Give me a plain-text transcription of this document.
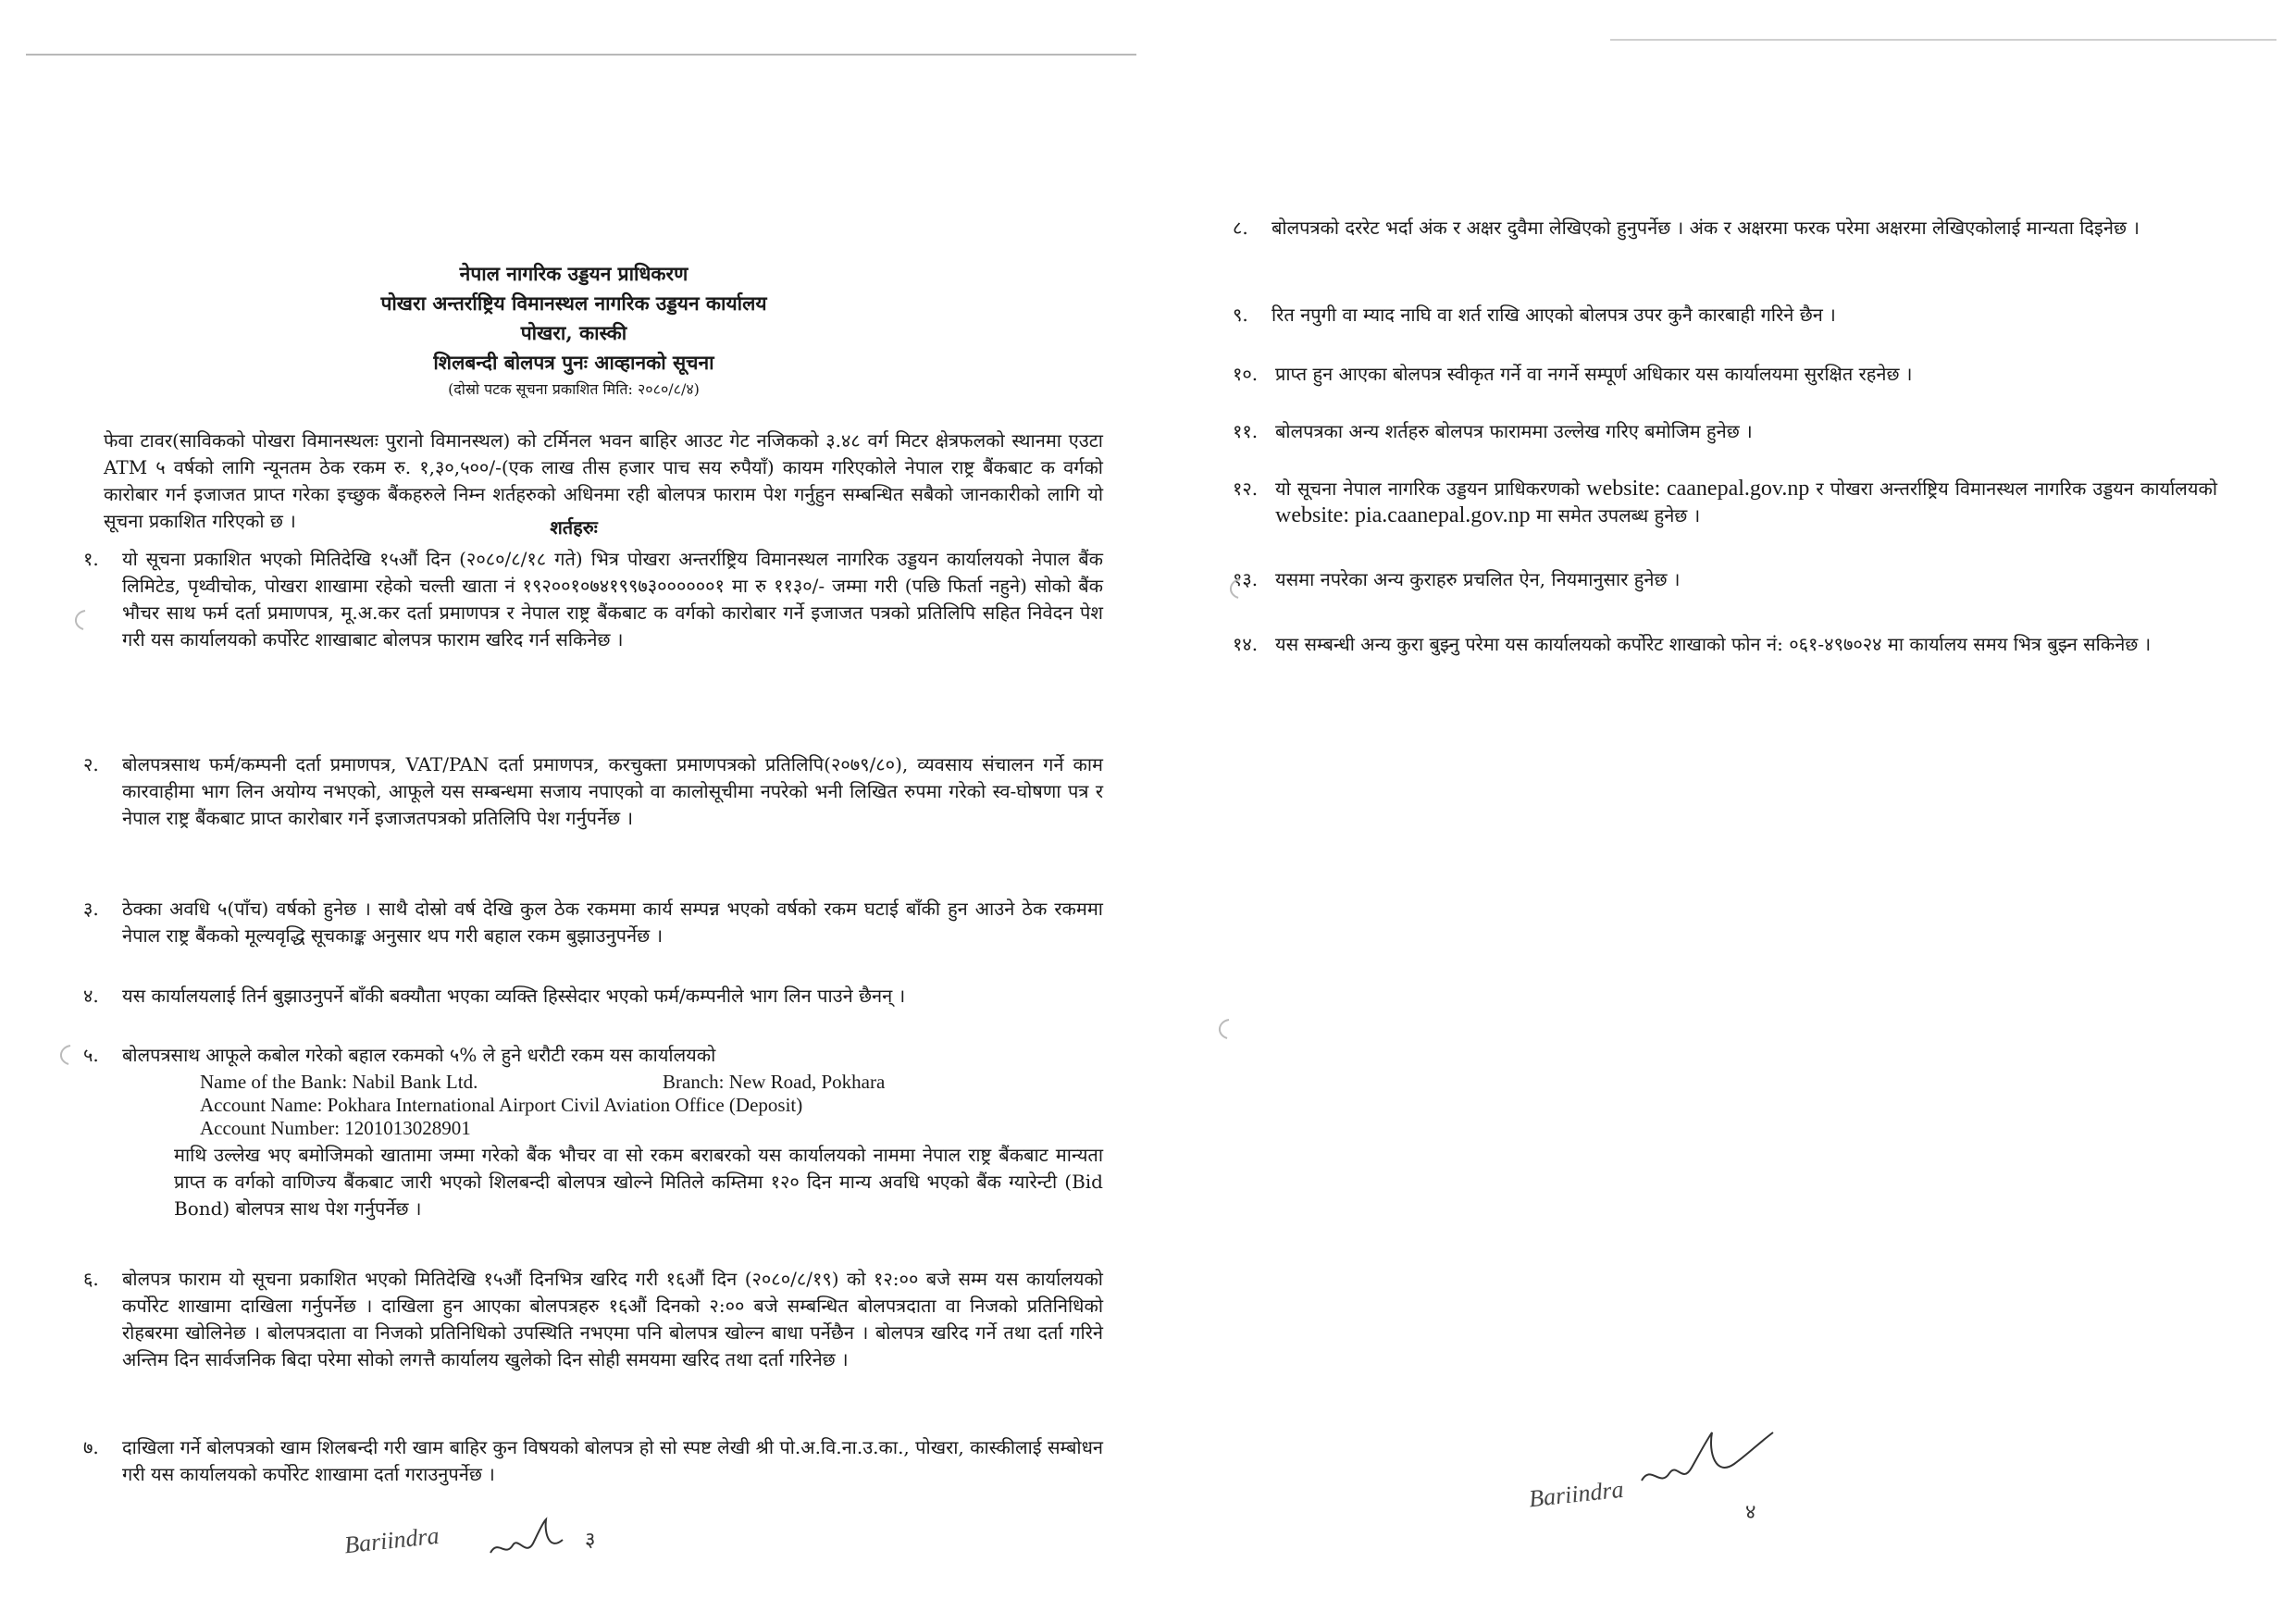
नेपाल नागरिक उड्डयन प्राधिकरण
पोखरा अन्तर्राष्ट्रिय विमानस्थल नागरिक उड्डयन कार्यालय
पोखरा, कास्की
शिलबन्दी बोलपत्र पुनः आव्हानको सूचना
(दोस्रो पटक सूचना प्रकाशित मिति: २०८०/८/४)
फेवा टावर(साविकको पोखरा विमानस्थलः पुरानो विमानस्थल) को टर्मिनल भवन बाहिर आउट गेट नजिकको ३.४८ वर्ग मिटर क्षेत्रफलको स्थानमा एउटा ATM ५ वर्षको लागि न्यूनतम ठेक रकम रु. १,३०,५००/-(एक लाख तीस हजार पाच सय रुपैयाँ) कायम गरिएकोले नेपाल राष्ट्र बैंकबाट क वर्गको कारोबार गर्न इजाजत प्राप्त गरेका इच्छुक बैंकहरुले निम्न शर्तहरुको अधिनमा रही बोलपत्र फाराम पेश गर्नुहुन सम्बन्धित सबैको जानकारीको लागि यो सूचना प्रकाशित गरिएको छ ।	शर्तहरुः
१.	यो सूचना प्रकाशित भएको मितिदेखि १५औं दिन (२०८०/८/१८ गते) भित्र पोखरा अन्तर्राष्ट्रिय विमानस्थल नागरिक उड्डयन कार्यालयको नेपाल बैंक लिमिटेड, पृथ्वीचोक, पोखरा शाखामा रहेको चल्ती खाता नं १९२००१०७४१९९७३००००००१ मा रु ११३०/- जम्मा गरी (पछि फिर्ता नहुने) सोको बैंक भौचर साथ फर्म दर्ता प्रमाणपत्र, मू.अ.कर दर्ता प्रमाणपत्र र नेपाल राष्ट्र बैंकबाट क वर्गको कारोबार गर्ने इजाजत पत्रको प्रतिलिपि सहित निवेदन पेश गरी यस कार्यालयको कर्पोरेट शाखाबाट बोलपत्र फाराम खरिद गर्न सकिनेछ ।
२.	बोलपत्रसाथ फर्म/कम्पनी दर्ता प्रमाणपत्र, VAT/PAN दर्ता प्रमाणपत्र, करचुक्ता प्रमाणपत्रको प्रतिलिपि(२०७९/८०), व्यवसाय संचालन गर्ने काम कारवाहीमा भाग लिन अयोग्य नभएको, आफूले यस सम्बन्धमा सजाय नपाएको वा कालोसूचीमा नपरेको भनी लिखित रुपमा गरेको स्व-घोषणा पत्र र नेपाल राष्ट्र बैंकबाट प्राप्त कारोबार गर्ने इजाजतपत्रको प्रतिलिपि पेश गर्नुपर्नेछ ।
३.	ठेक्का अवधि ५(पाँच) वर्षको हुनेछ । साथै दोस्रो वर्ष देखि कुल ठेक रकममा कार्य सम्पन्न भएको वर्षको रकम घटाई बाँकी हुन आउने ठेक रकममा नेपाल राष्ट्र बैंकको मूल्यवृद्धि सूचकाङ्क अनुसार थप गरी बहाल रकम बुझाउनुपर्नेछ ।
४.	यस कार्यालयलाई तिर्न बुझाउनुपर्ने बाँकी बक्यौता भएका व्यक्ति हिस्सेदार भएको फर्म/कम्पनीले भाग लिन पाउने छैनन् ।
५.	बोलपत्रसाथ आफूले कबोल गरेको बहाल रकमको ५% ले हुने धरौटी रकम यस कार्यालयको
Name of the Bank: Nabil Bank Ltd.	Branch: New Road, Pokhara
Account Name: Pokhara International Airport Civil Aviation Office (Deposit)
Account Number: 1201013028901
माथि उल्लेख भए बमोजिमको खातामा जम्मा गरेको बैंक भौचर वा सो रकम बराबरको यस कार्यालयको नाममा नेपाल राष्ट्र बैंकबाट मान्यता प्राप्त क वर्गको वाणिज्य बैंकबाट जारी भएको शिलबन्दी बोलपत्र खोल्ने मितिले कम्तिमा १२० दिन मान्य अवधि भएको बैंक ग्यारेन्टी (Bid Bond) बोलपत्र साथ पेश गर्नुपर्नेछ ।
६.	बोलपत्र फाराम यो सूचना प्रकाशित भएको मितिदेखि १५औं दिनभित्र खरिद गरी १६औं दिन (२०८०/८/१९) को १२:०० बजे सम्म यस कार्यालयको कर्पोरेट शाखामा दाखिला गर्नुपर्नेछ । दाखिला हुन आएका बोलपत्रहरु १६औं दिनको २:०० बजे सम्बन्धित बोलपत्रदाता वा निजको प्रतिनिधिको रोहबरमा खोलिनेछ । बोलपत्रदाता वा निजको प्रतिनिधिको उपस्थिति नभएमा पनि बोलपत्र खोल्न बाधा पर्नेछैन । बोलपत्र खरिद गर्ने तथा दर्ता गरिने अन्तिम दिन सार्वजनिक बिदा परेमा सोको लगत्तै कार्यालय खुलेको दिन सोही समयमा खरिद तथा दर्ता गरिनेछ ।
७.	दाखिला गर्ने बोलपत्रको खाम शिलबन्दी गरी खाम बाहिर कुन विषयको बोलपत्र हो सो स्पष्ट लेखी श्री पो.अ.वि.ना.उ.का., पोखरा, कास्कीलाई सम्बोधन गरी यस कार्यालयको कर्पोरेट शाखामा दर्ता गराउनुपर्नेछ ।
Bariindra	३
८.	बोलपत्रको दररेट भर्दा अंक र अक्षर दुवैमा लेखिएको हुनुपर्नेछ । अंक र अक्षरमा फरक परेमा अक्षरमा लेखिएकोलाई मान्यता दिइनेछ ।
९.	रित नपुगी वा म्याद नाघि वा शर्त राखि आएको बोलपत्र उपर कुनै कारबाही गरिने छैन ।
१०. प्राप्त हुन आएका बोलपत्र स्वीकृत गर्ने वा नगर्ने सम्पूर्ण अधिकार यस कार्यालयमा सुरक्षित रहनेछ ।
११. बोलपत्रका अन्य शर्तहरु बोलपत्र फाराममा उल्लेख गरिए बमोजिम हुनेछ ।
१२. यो सूचना नेपाल नागरिक उड्डयन प्राधिकरणको website: caanepal.gov.np र पोखरा अन्तर्राष्ट्रिय विमानस्थल नागरिक उड्डयन कार्यालयको website: pia.caanepal.gov.np मा समेत उपलब्ध हुनेछ ।
१३. यसमा नपरेका अन्य कुराहरु प्रचलित ऐन, नियमानुसार हुनेछ ।
१४. यस सम्बन्धी अन्य कुरा बुझ्नु परेमा यस कार्यालयको कर्पोरेट शाखाको फोन नं: ०६१-४९७०२४ मा कार्यालय समय भित्र बुझ्न सकिनेछ ।
Bariindra
४
